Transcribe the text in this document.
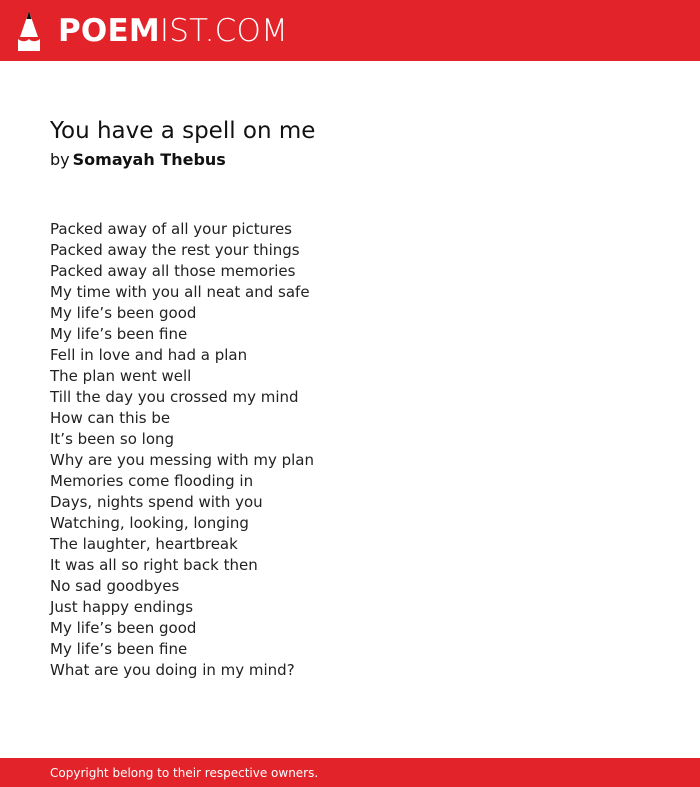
POEM IST.COM
You have a spell on me
by Somayah Thebus
Packed away of all your pictures
Packed away the rest your things
Packed away all those memories
My time with you all neat and safe
My life’s been good
My life’s been fine
Fell in love and had a plan
The plan went well
Till the day you crossed my mind
How can this be
It’s been so long
Why are you messing with my plan
Memories come flooding in
Days, nights spend with you
Watching, looking, longing
The laughter, heartbreak
It was all so right back then
No sad goodbyes
Just happy endings
My life’s been good
My life’s been fine
What are you doing in my mind?
Copyright belong to their respective owners.
